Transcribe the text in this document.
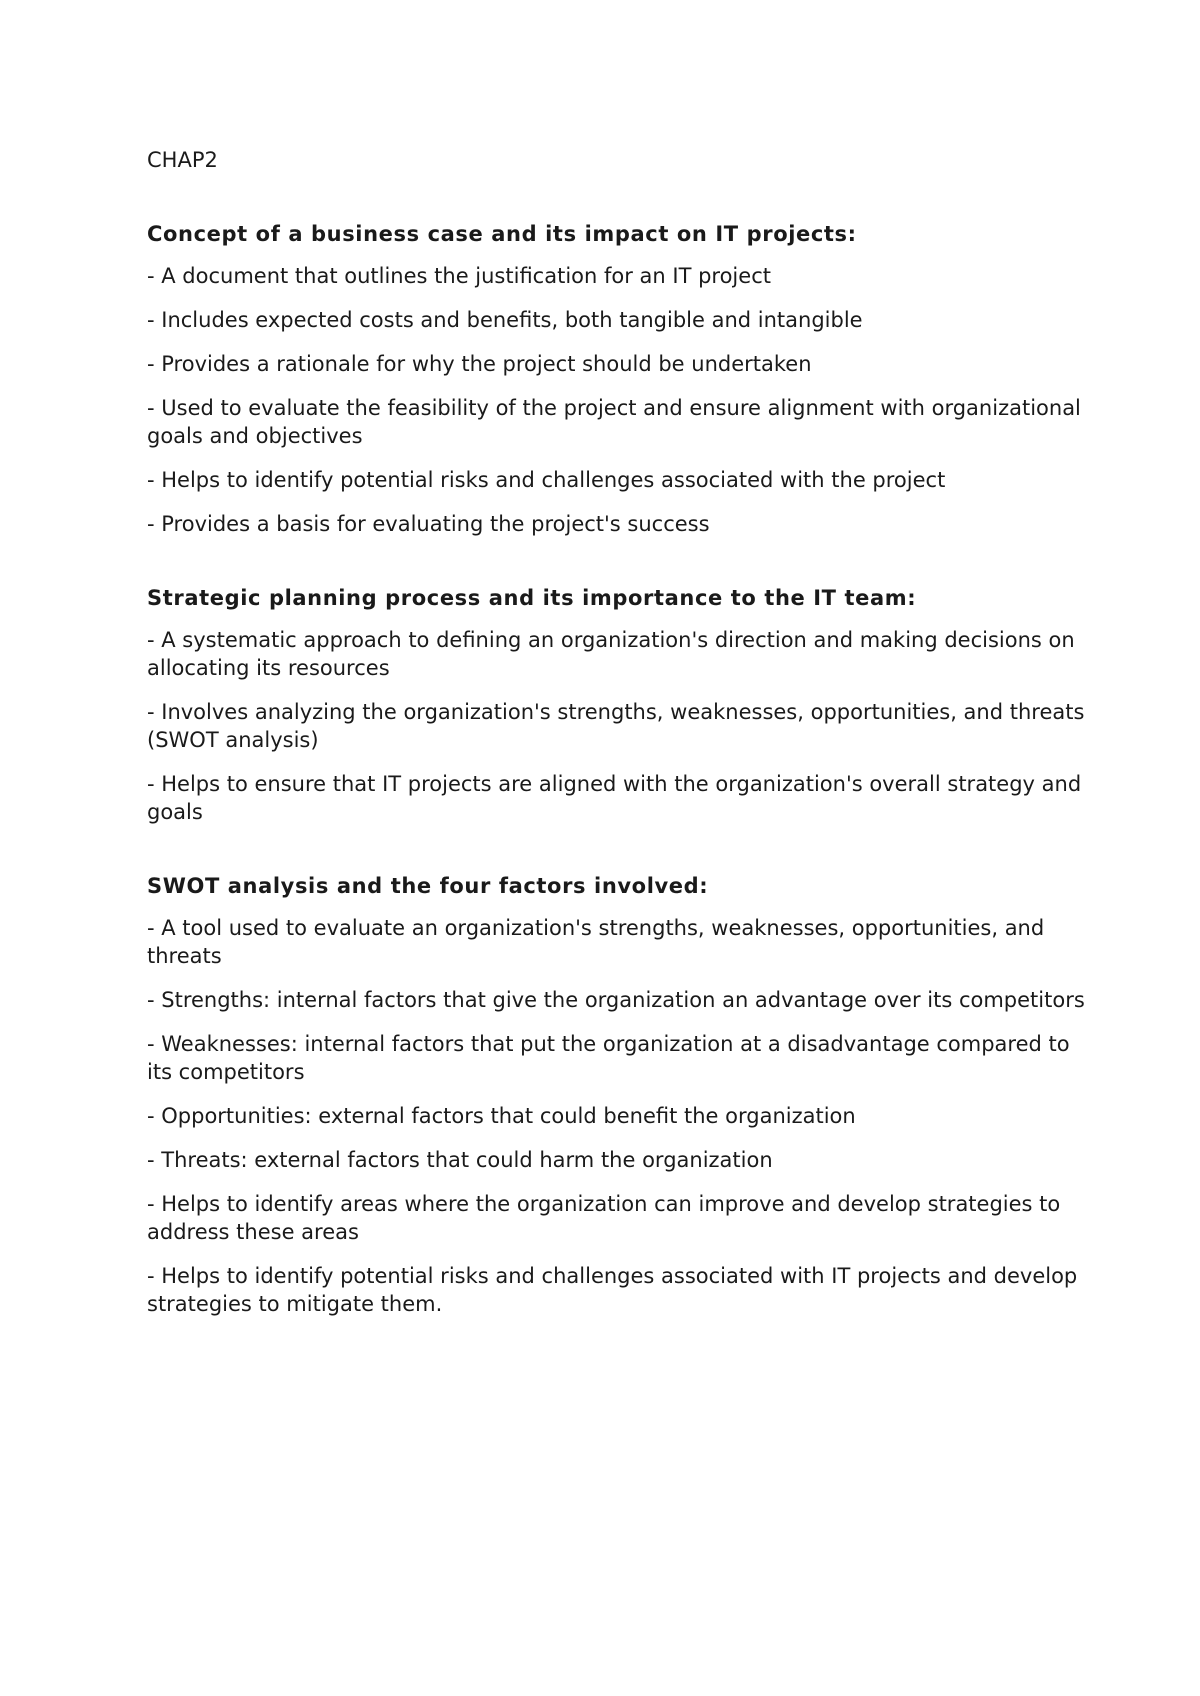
CHAP2
Concept of a business case and its impact on IT projects:
- A document that outlines the justification for an IT project
- Includes expected costs and benefits, both tangible and intangible
- Provides a rationale for why the project should be undertaken
- Used to evaluate the feasibility of the project and ensure alignment with organizational goals and objectives
- Helps to identify potential risks and challenges associated with the project
- Provides a basis for evaluating the project's success
Strategic planning process and its importance to the IT team:
- A systematic approach to defining an organization's direction and making decisions on allocating its resources
- Involves analyzing the organization's strengths, weaknesses, opportunities, and threats (SWOT analysis)
- Helps to ensure that IT projects are aligned with the organization's overall strategy and goals
SWOT analysis and the four factors involved:
- A tool used to evaluate an organization's strengths, weaknesses, opportunities, and threats
- Strengths: internal factors that give the organization an advantage over its competitors
- Weaknesses: internal factors that put the organization at a disadvantage compared to its competitors
- Opportunities: external factors that could benefit the organization
- Threats: external factors that could harm the organization
- Helps to identify areas where the organization can improve and develop strategies to address these areas
- Helps to identify potential risks and challenges associated with IT projects and develop strategies to mitigate them.
